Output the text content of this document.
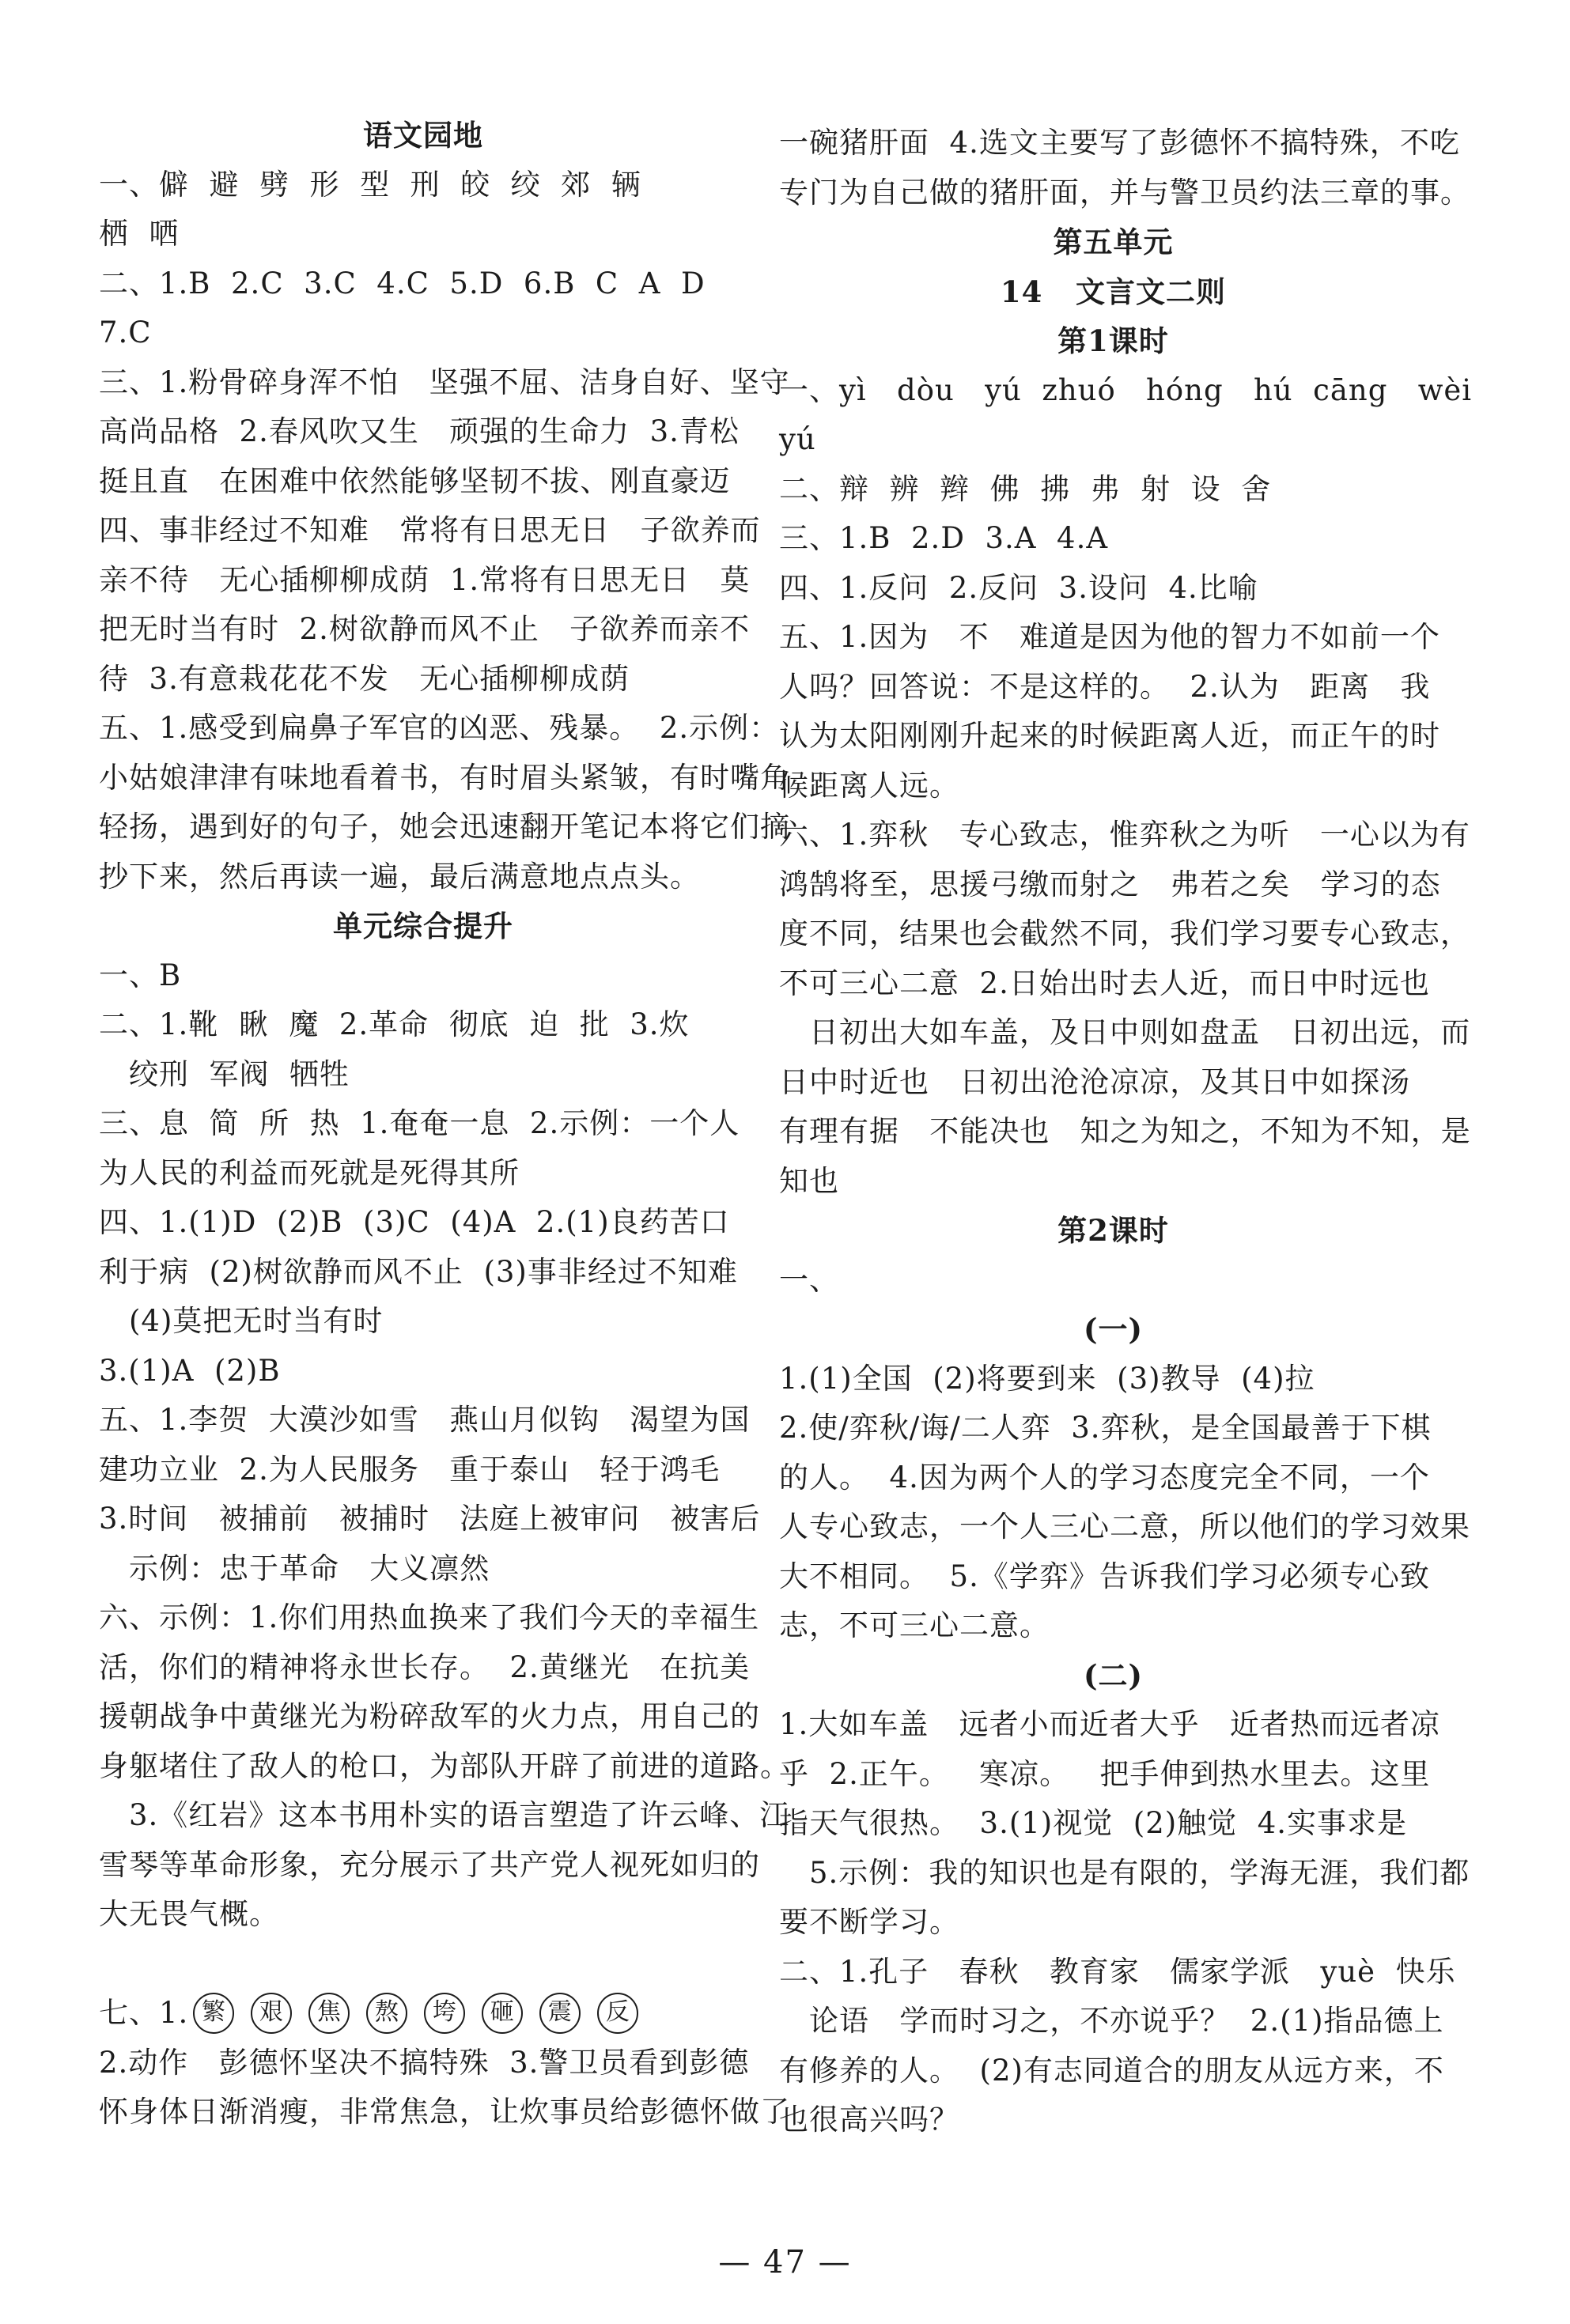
语文园地
一、僻  避  劈  形  型  刑  皎  绞  郊  辆
栖  哂
二、1.B  2.C  3.C  4.C  5.D  6.B  C  A  D
7.C
三、1.粉骨碎身浑不怕   坚强不屈、洁身自好、坚守
高尚品格  2.春风吹又生   顽强的生命力  3.青松
挺且直   在困难中依然能够坚韧不拔、刚直豪迈
四、事非经过不知难   常将有日思无日   子欲养而
亲不待   无心插柳柳成荫  1.常将有日思无日   莫
把无时当有时  2.树欲静而风不止   子欲养而亲不
待  3.有意栽花花不发   无心插柳柳成荫
五、1.感受到扁鼻子军官的凶恶、残暴。  2.示例：
小姑娘津津有味地看着书，有时眉头紧皱，有时嘴角
轻扬，遇到好的句子，她会迅速翻开笔记本将它们摘
抄下来，然后再读一遍，最后满意地点点头。
单元综合提升
一、B
二、1.靴  瞅  魔  2.革命  彻底  迫  批  3.炊
绞刑  军阀  牺牲
三、息  简  所  热  1.奄奄一息  2.示例：一个人
为人民的利益而死就是死得其所
四、1.(1)D  (2)B  (3)C  (4)A  2.(1)良药苦口
利于病  (2)树欲静而风不止  (3)事非经过不知难
(4)莫把无时当有时
3.(1)A  (2)B
五、1.李贺  大漠沙如雪   燕山月似钩   渴望为国
建功立业  2.为人民服务   重于泰山   轻于鸿毛
3.时间   被捕前   被捕时   法庭上被审问   被害后
示例：忠于革命   大义凛然
六、示例：1.你们用热血换来了我们今天的幸福生
活，你们的精神将永世长存。  2.黄继光   在抗美
援朝战争中黄继光为粉碎敌军的火力点，用自己的
身躯堵住了敌人的枪口，为部队开辟了前进的道路。
3.《红岩》这本书用朴实的语言塑造了许云峰、江
雪琴等革命形象，充分展示了共产党人视死如归的
大无畏气概。
七、1. 繁	艰	焦	熬	垮	砸	震	反
2.动作   彭德怀坚决不搞特殊  3.警卫员看到彭德
怀身体日渐消瘦，非常焦急，让炊事员给彭德怀做了
一碗猪肝面  4.选文主要写了彭德怀不搞特殊，不吃
专门为自己做的猪肝面，并与警卫员约法三章的事。
第五单元
14   文言文二则
第1课时
一、yì   dòu   yú  zhuó   hóng   hú  cāng   wèi
yú
二、辩  辨  辫  佛  拂  弗  射  设  舍
三、1.B  2.D  3.A  4.A
四、1.反问  2.反问  3.设问  4.比喻
五、1.因为   不   难道是因为他的智力不如前一个
人吗？回答说：不是这样的。  2.认为   距离   我
认为太阳刚刚升起来的时候距离人近，而正午的时
候距离人远。
六、1.弈秋   专心致志，惟弈秋之为听   一心以为有
鸿鹄将至，思援弓缴而射之   弗若之矣   学习的态
度不同，结果也会截然不同，我们学习要专心致志，
不可三心二意  2.日始出时去人近，而日中时远也
日初出大如车盖，及日中则如盘盂   日初出远，而
日中时近也   日初出沧沧凉凉，及其日中如探汤
有理有据   不能决也   知之为知之，不知为不知，是
知也
第2课时
一、
(一)
1.(1)全国  (2)将要到来  (3)教导  (4)拉
2.使/弈秋/诲/二人弈  3.弈秋，是全国最善于下棋
的人。  4.因为两个人的学习态度完全不同，一个
人专心致志，一个人三心二意，所以他们的学习效果
大不相同。  5.《学弈》告诉我们学习必须专心致
志，不可三心二意。
(二)
1.大如车盖   远者小而近者大乎   近者热而远者凉
乎  2.正午。   寒凉。   把手伸到热水里去。这里
指天气很热。  3.(1)视觉  (2)触觉  4.实事求是
5.示例：我的知识也是有限的，学海无涯，我们都
要不断学习。
二、1.孔子   春秋   教育家   儒家学派   yuè  快乐
论语   学而时习之，不亦说乎？  2.(1)指品德上
有修养的人。  (2)有志同道合的朋友从远方来，不
也很高兴吗？
— 47 —
